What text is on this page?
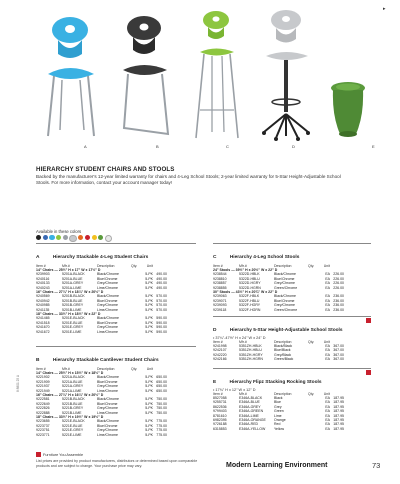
▸
A	B	C	D	E
HIERARCHY STUDENT CHAIRS AND STOOLS
Backed by the manufacturer's 12-year limited warranty for chairs and 4-Leg School Stools; 2-year limited warranty for 5-Star Height-Adjustable School Stools. For more information, contact your account manager today!
Available in these colors
A	Hierarchy Stackable 4-Leg Student Chairs
Item #	Mfr.#	Description	Qty.	Unit	
14" Chairs — 25½" H x 17" W x 17½" D					
9239903	5201A-BLACK	Black/Chrome		5-PK	490.00
9240116	5201A-BLUE	Blue/Chrome		5-PK	490.00
9240133	5201A-GREY	Grey/Chrome		5-PK	490.00
9240243	5201A-LIME	Lime/Chrome		5-PK	490.00
16" Chairs — 27¼" H x 18¼" W x 20½" D					
9240569	5201B-BLACK	Black/Chrome		5-PK	570.00
9240942	5201B-BLUE	Blue/Chrome		5-PK	570.00
9240985	5201B-GREY	Grey/Chrome		5-PK	570.00
9241135	5201B-LIME	Lime/Chrome		5-PK	570.00
18" Chairs — 33½" H x 18½" W x 22" D					
9241465	5201E-BLACK	Black/Chrome		5-PK	590.00
9241518	5201E-BLUE	Blue/Chrome		5-PK	590.00
9241670	5201E-GREY	Grey/Chrome		5-PK	590.00
9241672	5201E-LIME	Lime/Chrome		5-PK	590.00
B	Hierarchy Stackable Cantilever Student Chairs
Item #	Mfr.#	Description	Qty.	Unit	
14" Chairs — 25½" H x 15½" W x 18½" D					
9221902	5221A-BLACK	Black/Chrome		5-PK	650.00
9221909	5221A-BLUE	Blue/Chrome		5-PK	650.00
9221937	5221A-GREY	Grey/Chrome		5-PK	650.00
9221949	5221A-LIME	Lime/Chrome		5-PK	650.00
16" Chairs — 27¼" H x 16¼" W x 20½" D					
9222581	5221B-BLACK	Black/Chrome		5-PK	750.00
9222649	5221B-BLUE	Blue/Chrome		5-PK	750.00
9222826	5221B-GREY	Grey/Chrome		5-PK	750.00
9222888	5221B-LIME	Lime/Chrome		5-PK	750.00
18" Chairs — 33½" H x 19½" W x 19½" D					
9223655	5221E-BLACK	Black/Chrome		5-PK	775.00
9223737	5221E-BLUE	Blue/Chrome		5-PK	775.00
9223751	5221E-GREY	Grey/Chrome		5-PK	775.00
9223771	5221E-LIME	Lime/Chrome		5-PK	775.00
C	Hierarchy 4-Leg School Stools
Item #	Mfr.#	Description	Qty.	Unit	
24" Stools — 39½" H x 20½" W x 22" D					
9238544	5322D-HBLK	Black/Chrome		EA	226.00
9238810	5322D-HBLU	Blue/Chrome		EA	226.00
9238857	5322D-HGRY	Grey/Chrome		EA	226.00
9238855	5322D-HGRN	Green/Chrome		EA	226.00
30" Stools — 43½" H x 20¾" W x 22" D					
9239063	5322F-HBLK	Black/Chrome		EA	236.00
9239071	5322F-HBLU	Blue/Chrome		EA	236.00
9239093	5322F-HGRY	Grey/Chrome		EA	236.00
9239118	5322F-HGRN	Green/Chrome		EA	236.00
D	Hierarchy 5-Star Height-Adjustable School Stools
• 37¼"-47½" H x 24" W x 24" D
Item #	Mfr.#	Description	Qty.	Unit	
9241998	5351ZH-HBLK	Black/Black		EA	367.00
9242107	5351ZH-HBLU	Blue/Black		EA	367.00
9242220	5351ZH-HGRY	Grey/Black		EA	367.00
9242166	5351ZH-HGRN	Green/Black		EA	367.00
E	Hierarchy Flipz Stacking Rocking Stools
• 17¾" H x 12" W x 12" D
Item #	Mfr.#	Description	Qty.	Unit	
8527058	E346A-BLACK	Black		EA	187.95
9255731	E346A-BLUE	Blue		EA	187.95
8622536	E346A-GREY	Grey		EA	187.95
9799403	E346A-GREEN	Green		EA	187.95
8781610	E346A-LIME	Lime		EA	187.95
6982395	E346A-ORANGE	Orange		EA	187.95
9726188	E346A-RED	Red		EA	187.95
6315853	E346A-YELLOW	Yellow		EA	187.95
Furniture You Assemble
List prices are provided by product manufacturers, distributors or determined based upon comparable products and are subject to change. Your purchase price may vary.	Modern Learning Environment	73
8 8801 25 A
